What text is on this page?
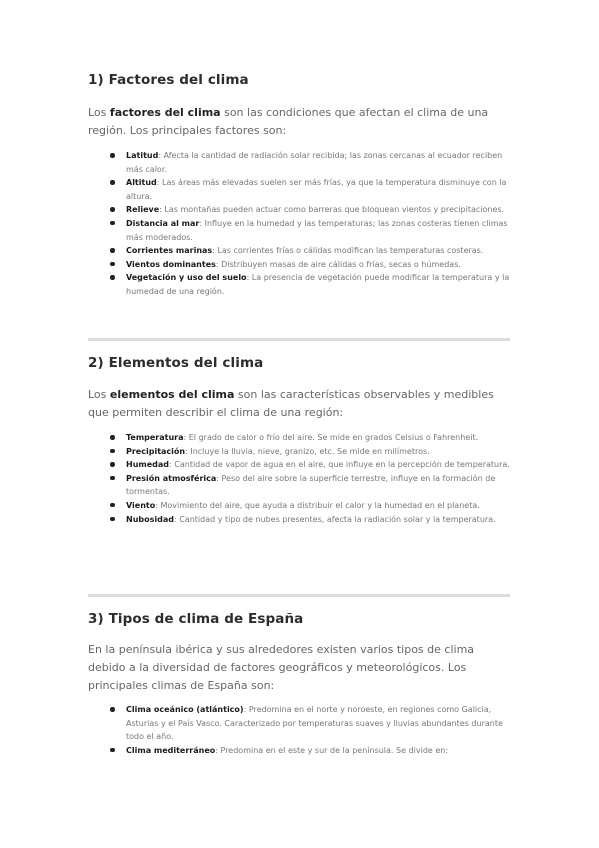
1) Factores del clima

Los factores del clima son las condiciones que afectan el clima de una región. Los principales factores son:

Latitud: Afecta la cantidad de radiación solar recibida; las zonas cercanas al ecuador reciben más calor.
Altitud: Las áreas más elevadas suelen ser más frías, ya que la temperatura disminuye con la altura.
Relieve: Las montañas pueden actuar como barreras que bloquean vientos y precipitaciones.
Distancia al mar: Influye en la humedad y las temperaturas; las zonas costeras tienen climas más moderados.
Corrientes marinas: Las corrientes frías o cálidas modifican las temperaturas costeras.
Vientos dominantes: Distribuyen masas de aire cálidas o frías, secas o húmedas.
Vegetación y uso del suelo: La presencia de vegetación puede modificar la temperatura y la humedad de una región.
2) Elementos del clima

Los elementos del clima son las características observables y medibles que permiten describir el clima de una región:

Temperatura: El grado de calor o frío del aire. Se mide en grados Celsius o Fahrenheit.
Precipitación: Incluye la lluvia, nieve, granizo, etc. Se mide en milímetros.
Humedad: Cantidad de vapor de agua en el aire, que influye en la percepción de temperatura.
Presión atmosférica: Peso del aire sobre la superficie terrestre, influye en la formación de tormentas.
Viento: Movimiento del aire, que ayuda a distribuir el calor y la humedad en el planeta.
Nubosidad: Cantidad y tipo de nubes presentes, afecta la radiación solar y la temperatura.
3) Tipos de clima de España

En la península ibérica y sus alrededores existen varios tipos de clima debido a la diversidad de factores geográficos y meteorológicos. Los principales climas de España son:

Clima oceánico (atlántico): Predomina en el norte y noroeste, en regiones como Galicia, Asturias y el País Vasco. Caracterizado por temperaturas suaves y lluvias abundantes durante todo el año.
Clima mediterráneo: Predomina en el este y sur de la península. Se divide en:
